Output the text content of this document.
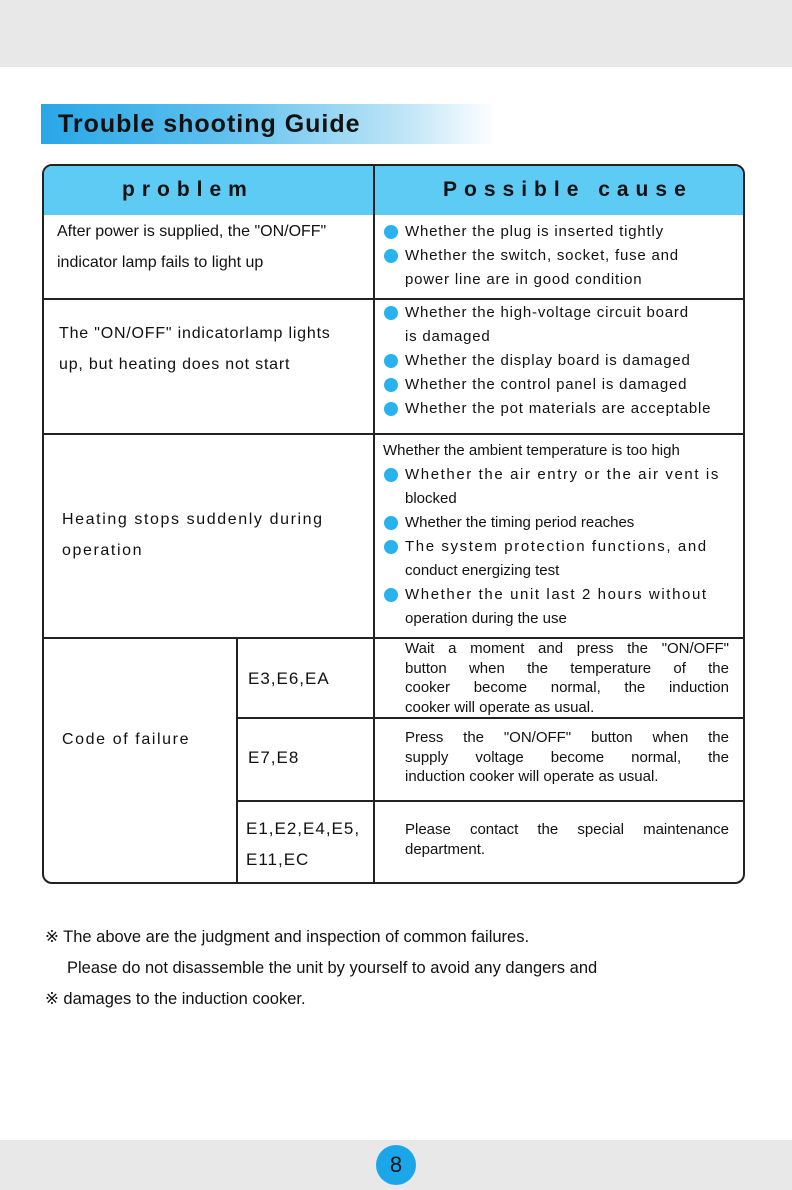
Trouble shooting Guide
problem	Possible cause
After power is supplied, the "ON/OFF"
indicator lamp fails to light up
Whether the plug is inserted tightly
Whether the switch, socket, fuse and
power line are in good condition
The "ON/OFF" indicatorlamp lights
up, but heating does not start
Whether the high-voltage circuit board
is damaged
Whether the display board is damaged
Whether the control panel is damaged
Whether the pot materials are acceptable
Heating stops suddenly during
operation
Whether the ambient temperature is too high
Whether the air entry or the air vent is
blocked
Whether the timing period reaches
The system protection functions, and
conduct energizing test
Whether the unit last 2 hours without
operation during the use
Code of failure
E3,E6,EA
E7,E8
E1,E2,E4,E5,
E11,EC
Wait a moment and press the "ON/OFF"
button when the temperature of the
cooker become normal, the induction
cooker will operate as usual.
Press the "ON/OFF" button when the
supply voltage become normal, the
induction cooker will operate as usual.
Please contact the special maintenance
department.
※ The above are the judgment and inspection of common failures.
Please do not disassemble the unit by yourself to avoid any dangers and
※ damages to the induction cooker.
8
